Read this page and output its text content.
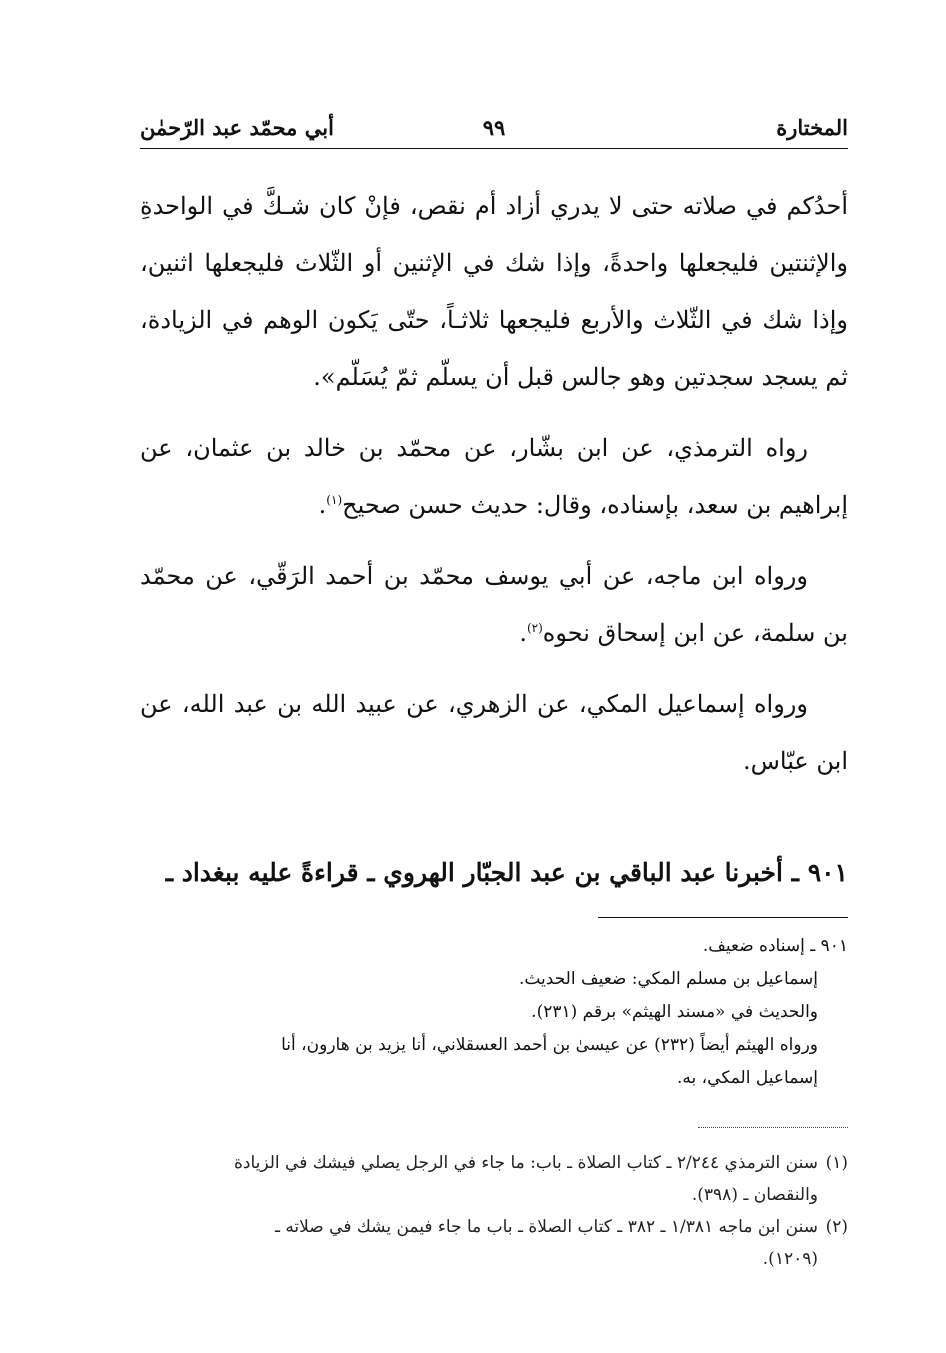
المختارة
٩٩
أبي محمّد عبد الرّحمٰن

أحدُكم في صلاته حتى لا يدري أزاد أم نقص، فإنْ كان شـكَّ في الواحدةِ والإثنتين فليجعلها واحدةً، وإذا شك في الإثنين أو الثّلاث فليجعلها اثنين، وإذا شك في الثّلاث والأربع فليجعها ثلاثـاً، حتّى يَكون الوهم في الزيادة، ثم يسجد سجدتين وهو جالس قبل أن يسلّم ثمّ يُسَلّم».

رواه الترمذي، عن ابن بشّار، عن محمّد بن خالد بن عثمان، عن إبراهيم بن سعد، بإسناده، وقال: حديث حسن صحيح$^{(١)}$.

ورواه ابن ماجه، عن أبي يوسف محمّد بن أحمد الرَقّي، عن محمّد بن سلمة، عن ابن إسحاق نحوه$^{(٢)}$.

ورواه إسماعيل المكي، عن الزهري، عن عبيد الله بن عبد الله، عن ابن عبّاس.

٩٠١ ـ أخبرنا عبد الباقي بن عبد الجبّار الهروي ـ قراءةً عليه ببغداد ـ

٩٠١ ـ إسناده ضعيف.

إسماعيل بن مسلم المكي: ضعيف الحديث.

والحديث في «مسند الهيثم» برقم (٢٣١).

ورواه الهيثم أيضاً (٢٣٢) عن عيسىٰ بن أحمد العسقلاني، أنا يزيد بن هارون، أنا

إسماعيل المكي، به.

(١)سنن الترمذي ٢/٢٤٤ ـ كتاب الصلاة ـ باب: ما جاء في الرجل يصلي فيشك في الزيادة

والنقصان ـ (٣٩٨).

(٢)سنن ابن ماجه ١/٣٨١ ـ ٣٨٢ ـ كتاب الصلاة ـ باب ما جاء فيمن يشك في صلاته ـ

(١٢٠٩).
